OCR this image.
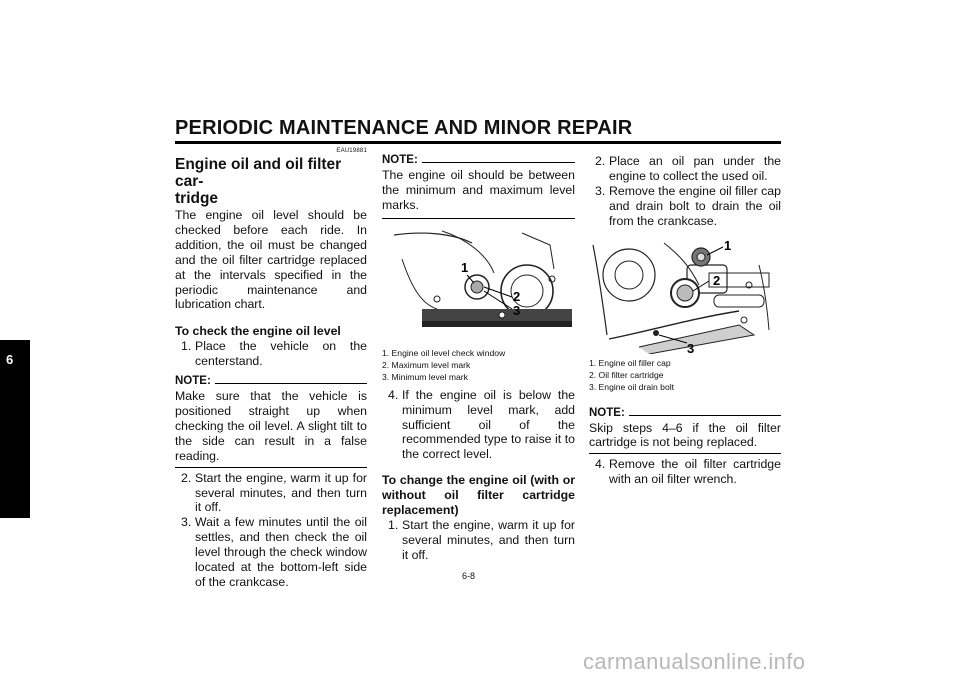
PERIODIC MAINTENANCE AND MINOR REPAIR
6
EAU19881
Engine oil and oil filter car-
tridge
The engine oil level should be checked before each ride. In addition, the oil must be changed and the oil filter cartridge replaced at the intervals specified in the periodic maintenance and lubrication chart.
To check the engine oil level
1. Place the vehicle on the centerstand.
NOTE:
Make sure that the vehicle is positioned straight up when checking the oil level. A slight tilt to the side can result in a false reading.
2. Start the engine, warm it up for several minutes, and then turn it off.
3. Wait a few minutes until the oil settles, and then check the oil level through the check window located at the bottom-left side of the crankcase.
NOTE:
The engine oil should be between the minimum and maximum level marks.
1
2
3
1. Engine oil level check window
2. Maximum level mark
3. Minimum level mark
4. If the engine oil is below the minimum level mark, add sufficient oil of the recommended type to raise it to the correct level.
To change the engine oil (with or without oil filter cartridge replacement)
1. Start the engine, warm it up for several minutes, and then turn it off.
2. Place an oil pan under the engine to collect the used oil.
3. Remove the engine oil filler cap and drain bolt to drain the oil from the crankcase.
1
2
3
1. Engine oil filler cap
2. Oil filter cartridge
3. Engine oil drain bolt
NOTE:
Skip steps 4–6 if the oil filter cartridge is not being replaced.
4. Remove the oil filter cartridge with an oil filter wrench.
6-8
carmanualsonline.info
